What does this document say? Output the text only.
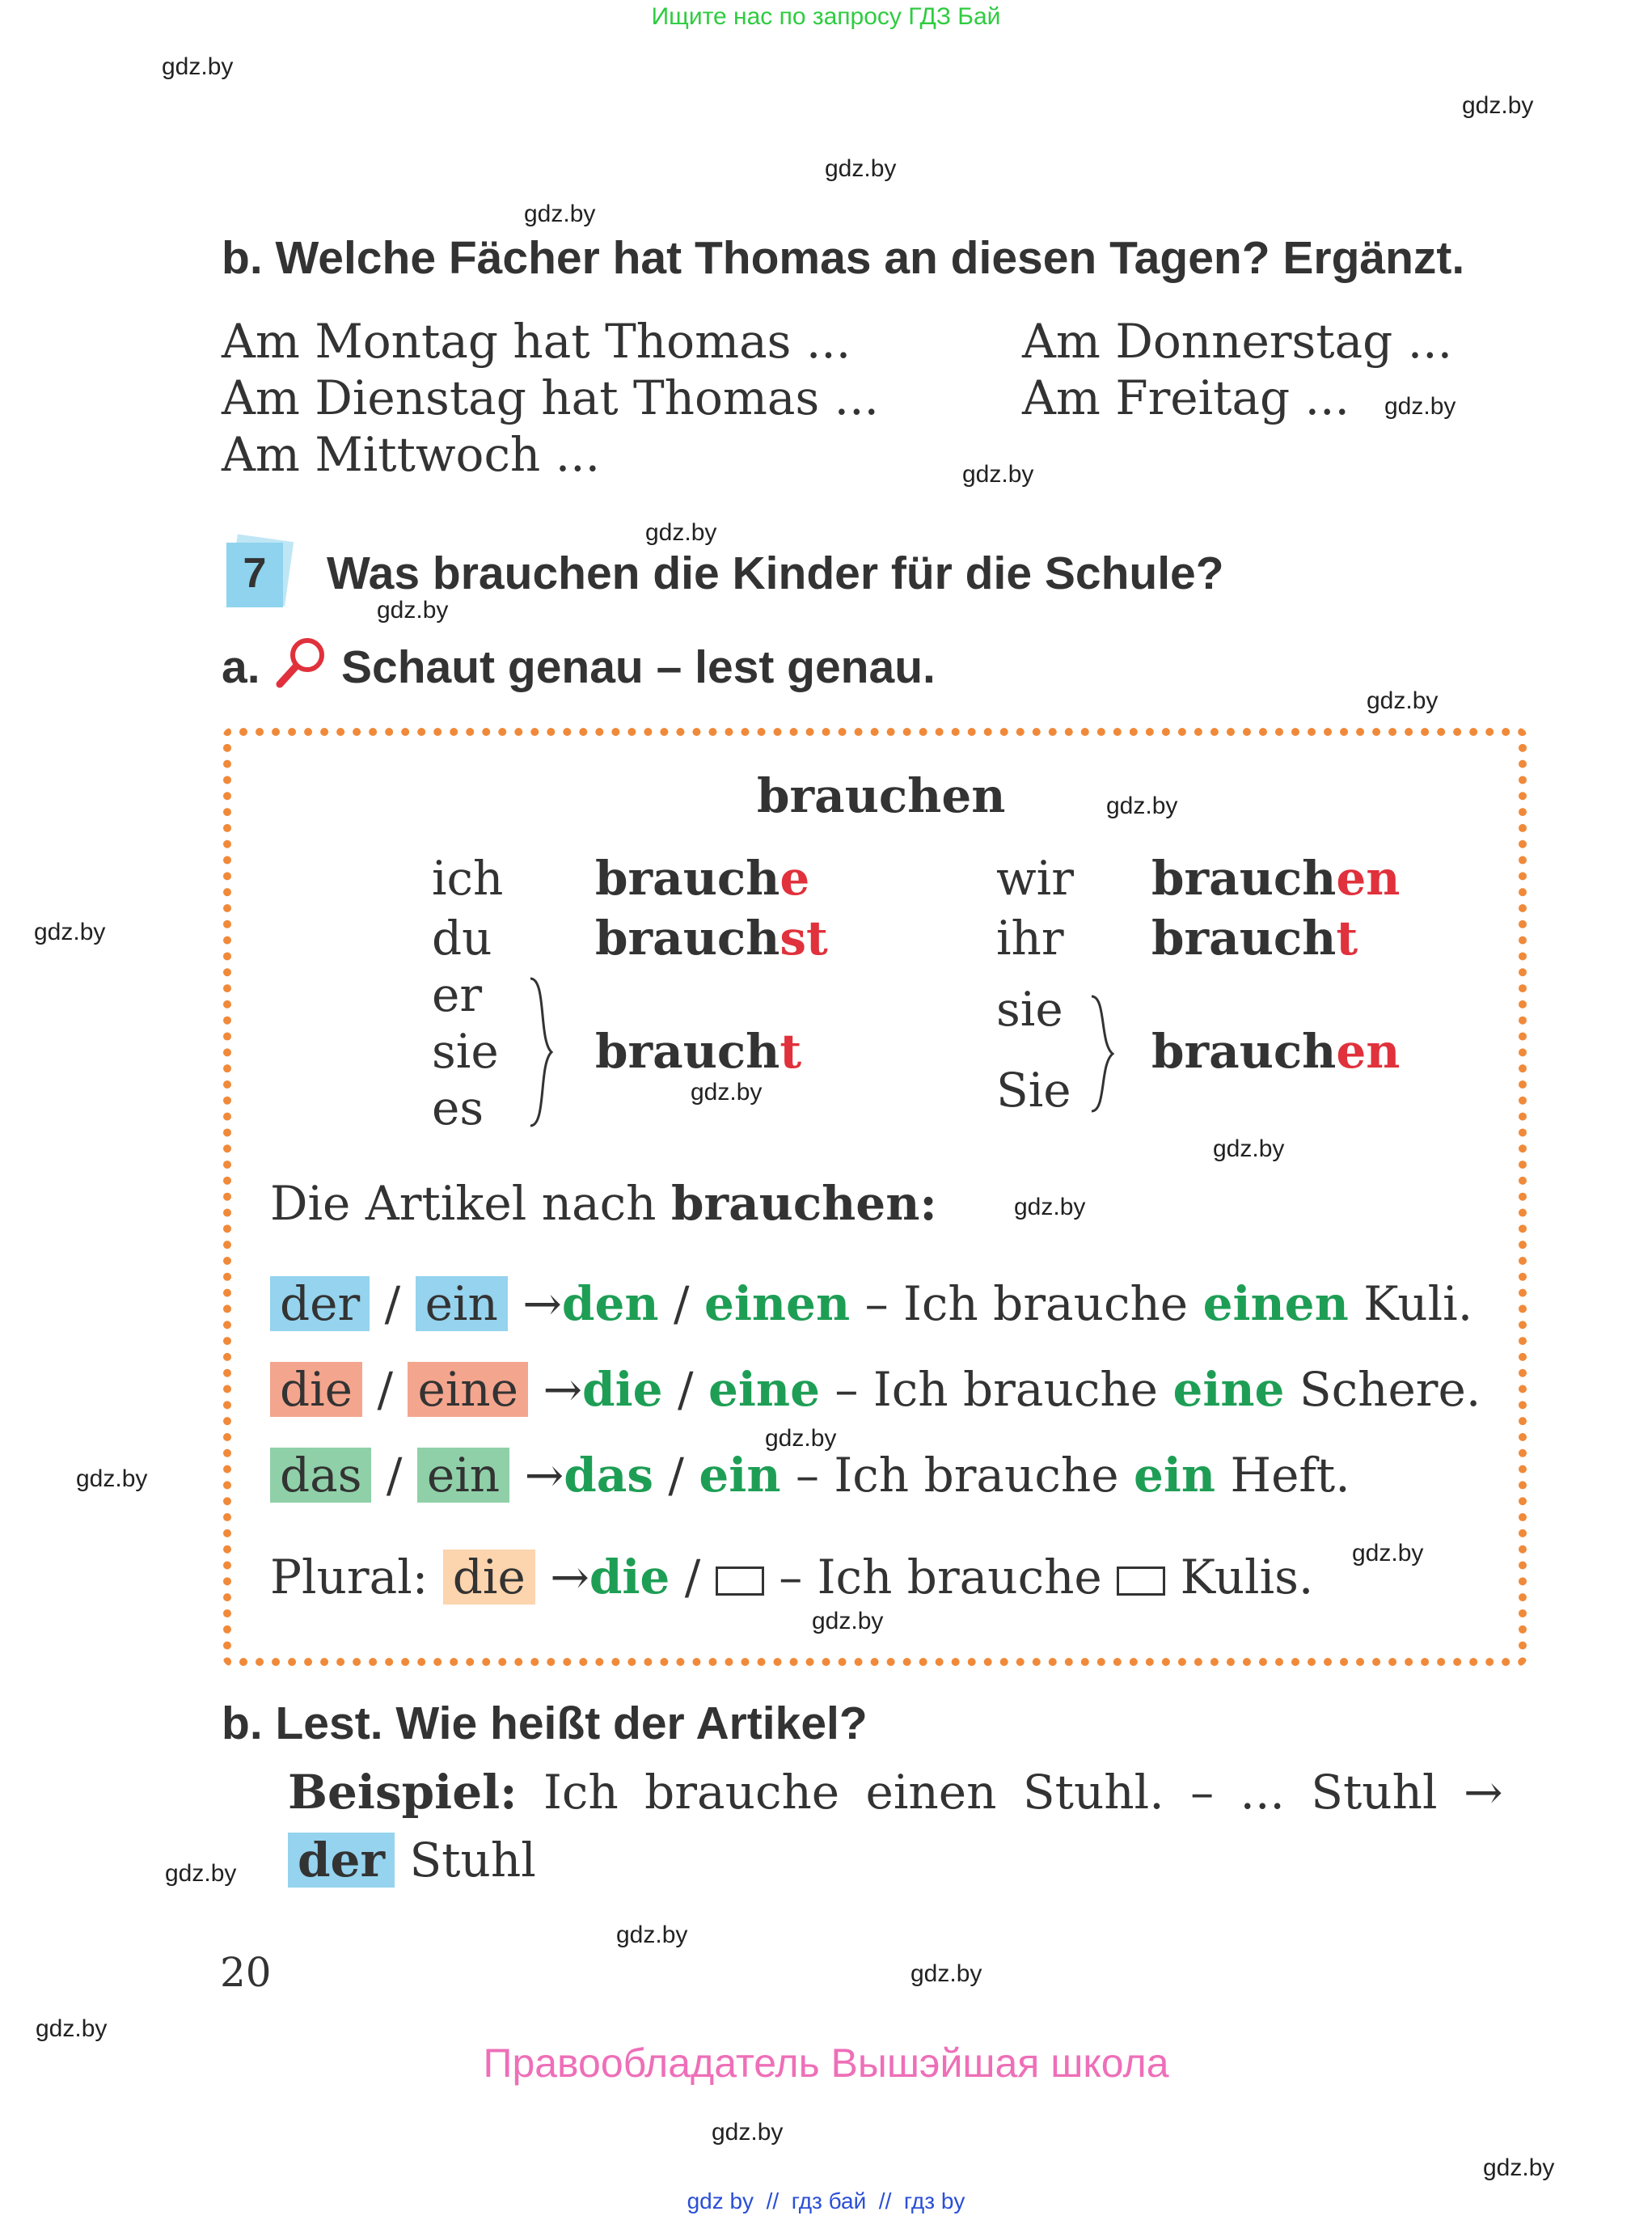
Ищите нас по запросу ГДЗ Бай
gdz.by
gdz.by
gdz.by
gdz.by
gdz.by
gdz.by
gdz.by
gdz.by
gdz.by
gdz.by
gdz.by
gdz.by
gdz.by
gdz.by
gdz.by
gdz.by
gdz.by
gdz.by
gdz.by
gdz.by
gdz.by
gdz.by
gdz.by
gdz.by
b. Welche Fächer hat Thomas an diesen Tagen? Ergänzt.
Am Montag hat Thomas ...
Am Dienstag hat Thomas ...
Am Mittwoch ...
Am Donnerstag ...
Am Freitag ...
7	Was brauchen die Kinder für die Schule?
a. Schaut genau – lest genau.
brauchen
ich brauche
du brauchst
wir brauchen
ihr braucht
er
sie
es
braucht
sie
Sie
brauchen
Die Artikel nach brauchen:
der / ein →den / einen – Ich brauche einen Kuli.
die / eine →die / eine – Ich brauche eine Schere.
das / ein →das / ein – Ich brauche ein Heft.
Plural: die →die / – Ich brauche Kulis.
b. Lest. Wie heißt der Artikel?
Beispiel: Ich brauche einen Stuhl. – ... Stuhl →
der Stuhl
20
Правообладатель Вышэйшая школа
gdz by  //  гдз бай  //  гдз by
